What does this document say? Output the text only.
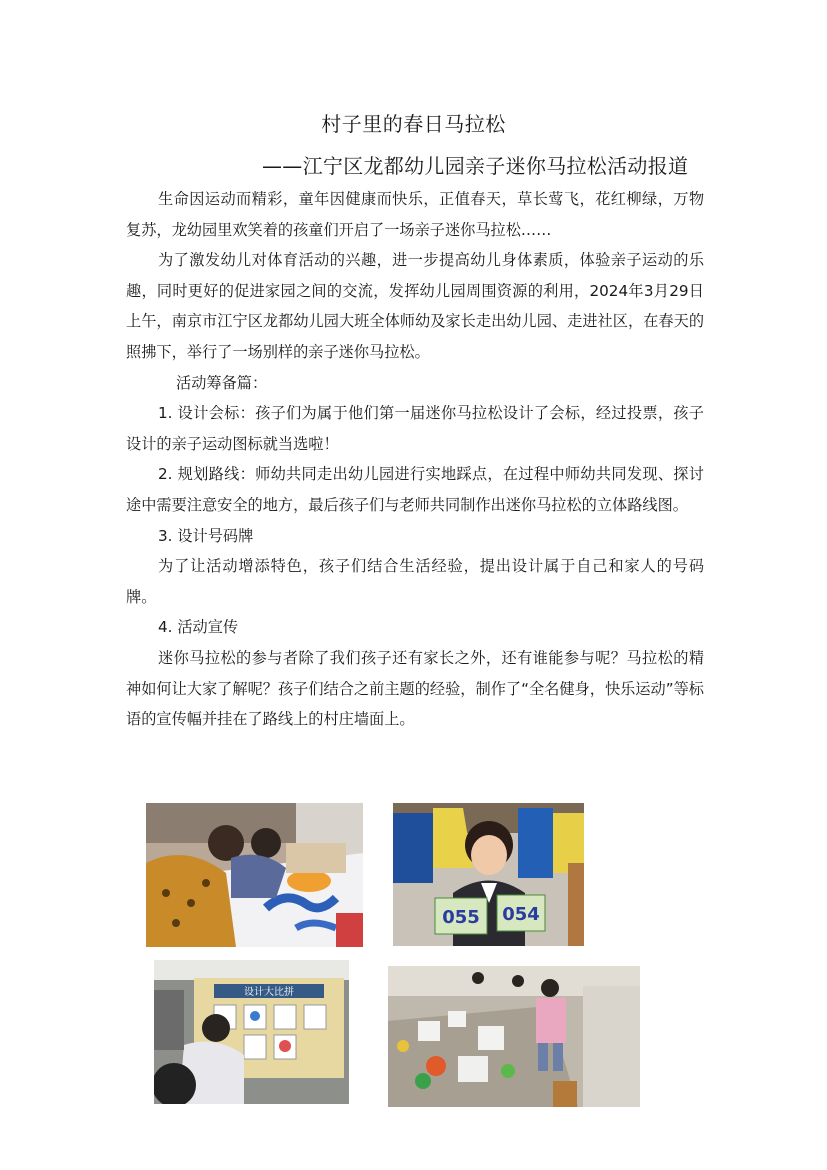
村子里的春日马拉松
——江宁区龙都幼儿园亲子迷你马拉松活动报道

生命因运动而精彩，童年因健康而快乐，正值春天，草长莺飞，花红柳绿，万物复苏，龙幼园里欢笑着的孩童们开启了一场亲子迷你马拉松……

为了激发幼儿对体育活动的兴趣，进一步提高幼儿身体素质，体验亲子运动的乐趣，同时更好的促进家园之间的交流，发挥幼儿园周围资源的利用，2024年3月29日上午，南京市江宁区龙都幼儿园大班全体师幼及家长走出幼儿园、走进社区，在春天的照拂下，举行了一场别样的亲子迷你马拉松。

活动筹备篇：

1. 设计会标：孩子们为属于他们第一届迷你马拉松设计了会标，经过投票，孩子设计的亲子运动图标就当选啦！

2. 规划路线：师幼共同走出幼儿园进行实地踩点，在过程中师幼共同发现、探讨途中需要注意安全的地方，最后孩子们与老师共同制作出迷你马拉松的立体路线图。

3. 设计号码牌

为了让活动增添特色，孩子们结合生活经验，提出设计属于自己和家人的号码牌。

4. 活动宣传

迷你马拉松的参与者除了我们孩子还有家长之外，还有谁能参与呢？马拉松的精神如何让大家了解呢？孩子们结合之前主题的经验，制作了“全名健身，快乐运动”等标语的宣传幅并挂在了路线上的村庄墙面上。

055 054
设计大比拼
